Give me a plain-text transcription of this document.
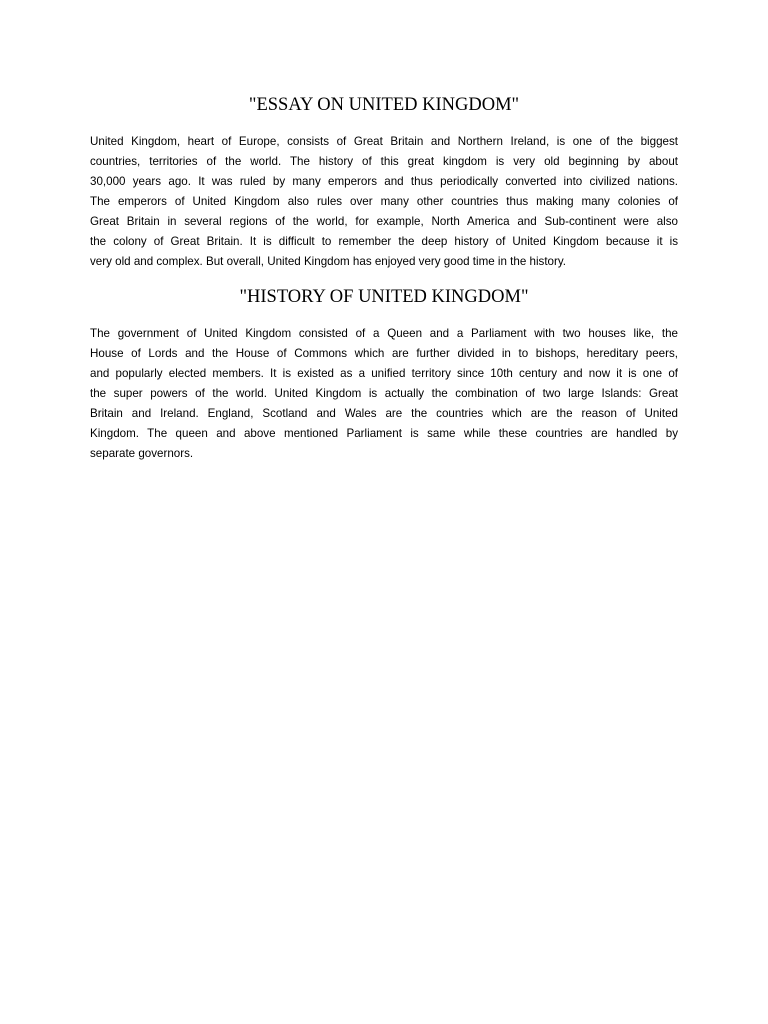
"ESSAY ON UNITED KINGDOM"
United Kingdom, heart of Europe, consists of Great Britain and Northern Ireland, is one of the biggest
countries, territories of the world. The history of this great kingdom is very old beginning by about
30,000 years ago. It was ruled by many emperors and thus periodically converted into civilized nations.
The emperors of United Kingdom also rules over many other countries thus making many colonies of
Great Britain in several regions of the world, for example, North America and Sub-continent were also
the colony of Great Britain. It is difficult to remember the deep history of United Kingdom because it is
very old and complex. But overall, United Kingdom has enjoyed very good time in the history.
"HISTORY OF UNITED KINGDOM"
The government of United Kingdom consisted of a Queen and a Parliament with two houses like, the
House of Lords and the House of Commons which are further divided in to bishops, hereditary peers,
and popularly elected members. It is existed as a unified territory since 10th century and now it is one of
the super powers of the world. United Kingdom is actually the combination of two large Islands: Great
Britain and Ireland. England, Scotland and Wales are the countries which are the reason of United
Kingdom. The queen and above mentioned Parliament is same while these countries are handled by
separate governors.
